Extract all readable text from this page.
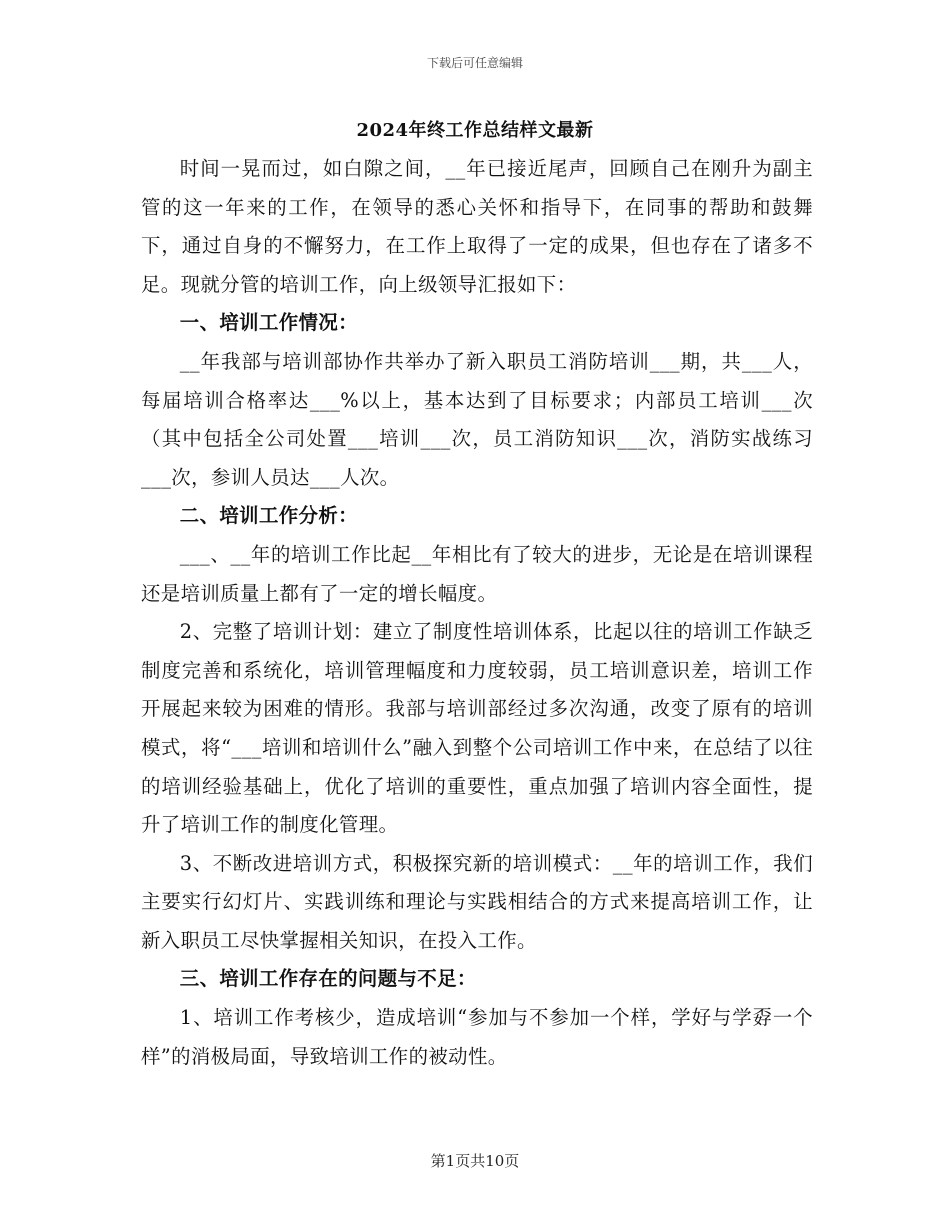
下载后可任意编辑
2024年终工作总结样文最新

时间一晃而过，如白隙之间，__年已接近尾声，回顾自己在刚升为副主管的这一年来的工作，在领导的悉心关怀和指导下，在同事的帮助和鼓舞下，通过自身的不懈努力，在工作上取得了一定的成果，但也存在了诸多不足。现就分管的培训工作，向上级领导汇报如下：

一、培训工作情况：

__年我部与培训部协作共举办了新入职员工消防培训___期，共___人，每届培训合格率达___%以上，基本达到了目标要求；内部员工培训___次（其中包括全公司处置___培训___次，员工消防知识___次，消防实战练习___次，参训人员达___人次。

二、培训工作分析：

___、__年的培训工作比起__年相比有了较大的进步，无论是在培训课程还是培训质量上都有了一定的增长幅度。

2、完整了培训计划：建立了制度性培训体系，比起以往的培训工作缺乏制度完善和系统化，培训管理幅度和力度较弱，员工培训意识差，培训工作开展起来较为困难的情形。我部与培训部经过多次沟通，改变了原有的培训模式，将“___培训和培训什么”融入到整个公司培训工作中来，在总结了以往的培训经验基础上，优化了培训的重要性，重点加强了培训内容全面性，提升了培训工作的制度化管理。

3、不断改进培训方式，积极探究新的培训模式：__年的培训工作，我们主要实行幻灯片、实践训练和理论与实践相结合的方式来提高培训工作，让新入职员工尽快掌握相关知识，在投入工作。

三、培训工作存在的问题与不足：

1、培训工作考核少，造成培训“参加与不参加一个样，学好与学孬一个样”的消极局面，导致培训工作的被动性。

第1页共10页
